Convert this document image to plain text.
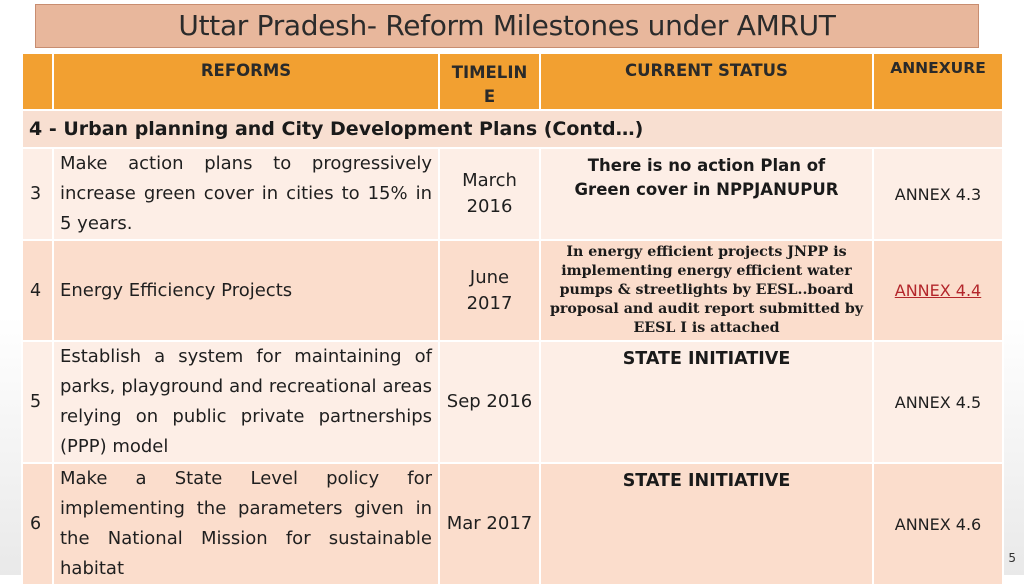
Uttar Pradesh- Reform Milestones under AMRUT
	REFORMS	TIMELIN E	CURRENT STATUS	ANNEXURE
4 - Urban planning and City Development Plans (Contd…)				
3	Make action plans to progressively increase green cover in cities to 15% in 5 years.	March 2016	There is no action Plan of Green cover in NPPJANUPUR	ANNEX 4.3
4	Energy Efficiency Projects	June 2017	In energy efficient projects JNPP is implementing energy efficient water pumps & streetlights by EESL..board proposal and audit report submitted by EESL I is attached	ANNEX 4.4
5	Establish a system for maintaining of parks, playground and recreational areas relying on public private partnerships (PPP) model	Sep 2016	STATE INITIATIVE	ANNEX 4.5
6	Make a State Level policy for implementing the parameters given in the National Mission for sustainable habitat	Mar 2017	STATE INITIATIVE	ANNEX 4.6
5
